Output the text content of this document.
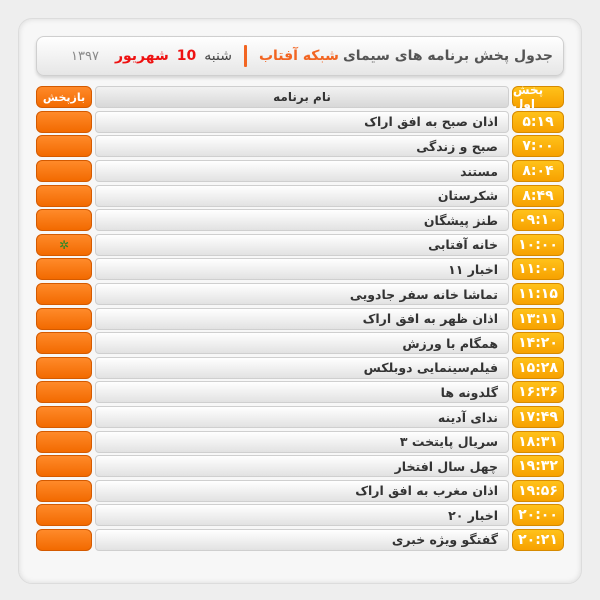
جدول پخش برنامه های سیمای
شبکه آفتاب
شنبه
10
شهریور
۱۳۹۷
پخش اول
نام برنامه
بازپخش
۵:۱۹
اذان صبح به افق اراک
۷:۰۰
صبح و زندگی
۸:۰۴
مستند
۸:۴۹
شکرستان
۰۹:۱۰
طنز پیشگان
۱۰:۰۰
خانه آفتابی
✲
۱۱:۰۰
اخبار ۱۱
۱۱:۱۵
تماشا خانه سفر جادویی
۱۳:۱۱
اذان ظهر به افق اراک
۱۴:۲۰
همگام با ورزش
۱۵:۲۸
فیلم‌سینمایی دوبلکس
۱۶:۳۶
گلدونه ها
۱۷:۴۹
ندای آدینه
۱۸:۳۱
سریال پایتخت ۳
۱۹:۳۲
چهل سال افتخار
۱۹:۵۶
اذان مغرب به افق اراک
۲۰:۰۰
اخبار ۲۰
۲۰:۲۱
گفتگو ویژه خبری
